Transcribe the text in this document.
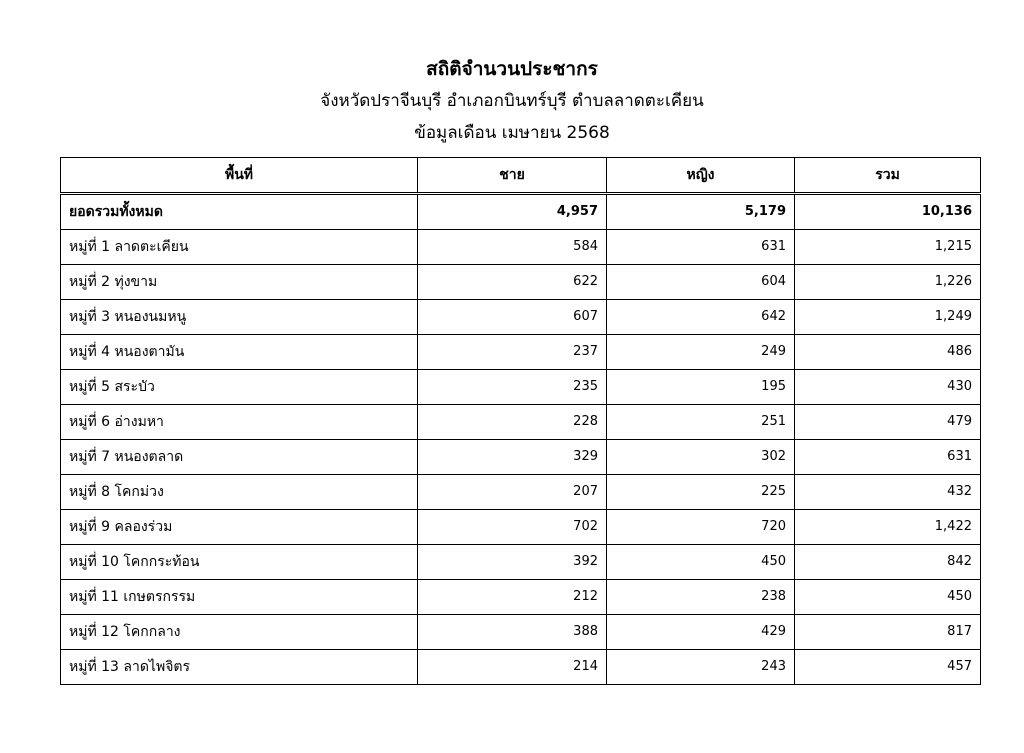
สถิติจำนวนประชากร
จังหวัดปราจีนบุรี อำเภอกบินทร์บุรี ตำบลลาดตะเคียน
ข้อมูลเดือน เมษายน 2568
พื้นที่	ชาย	หญิง	รวม
ยอดรวมทั้งหมด	4,957	5,179	10,136
หมู่ที่ 1 ลาดตะเคียน	584	631	1,215
หมู่ที่ 2 ทุ่งขาม	622	604	1,226
หมู่ที่ 3 หนองนมหนู	607	642	1,249
หมู่ที่ 4 หนองตามัน	237	249	486
หมู่ที่ 5 สระบัว	235	195	430
หมู่ที่ 6 อ่างมหา	228	251	479
หมู่ที่ 7 หนองตลาด	329	302	631
หมู่ที่ 8 โคกม่วง	207	225	432
หมู่ที่ 9 คลองร่วม	702	720	1,422
หมู่ที่ 10 โคกกระท้อน	392	450	842
หมู่ที่ 11 เกษตรกรรม	212	238	450
หมู่ที่ 12 โคกกลาง	388	429	817
หมู่ที่ 13 ลาดไพจิตร	214	243	457
